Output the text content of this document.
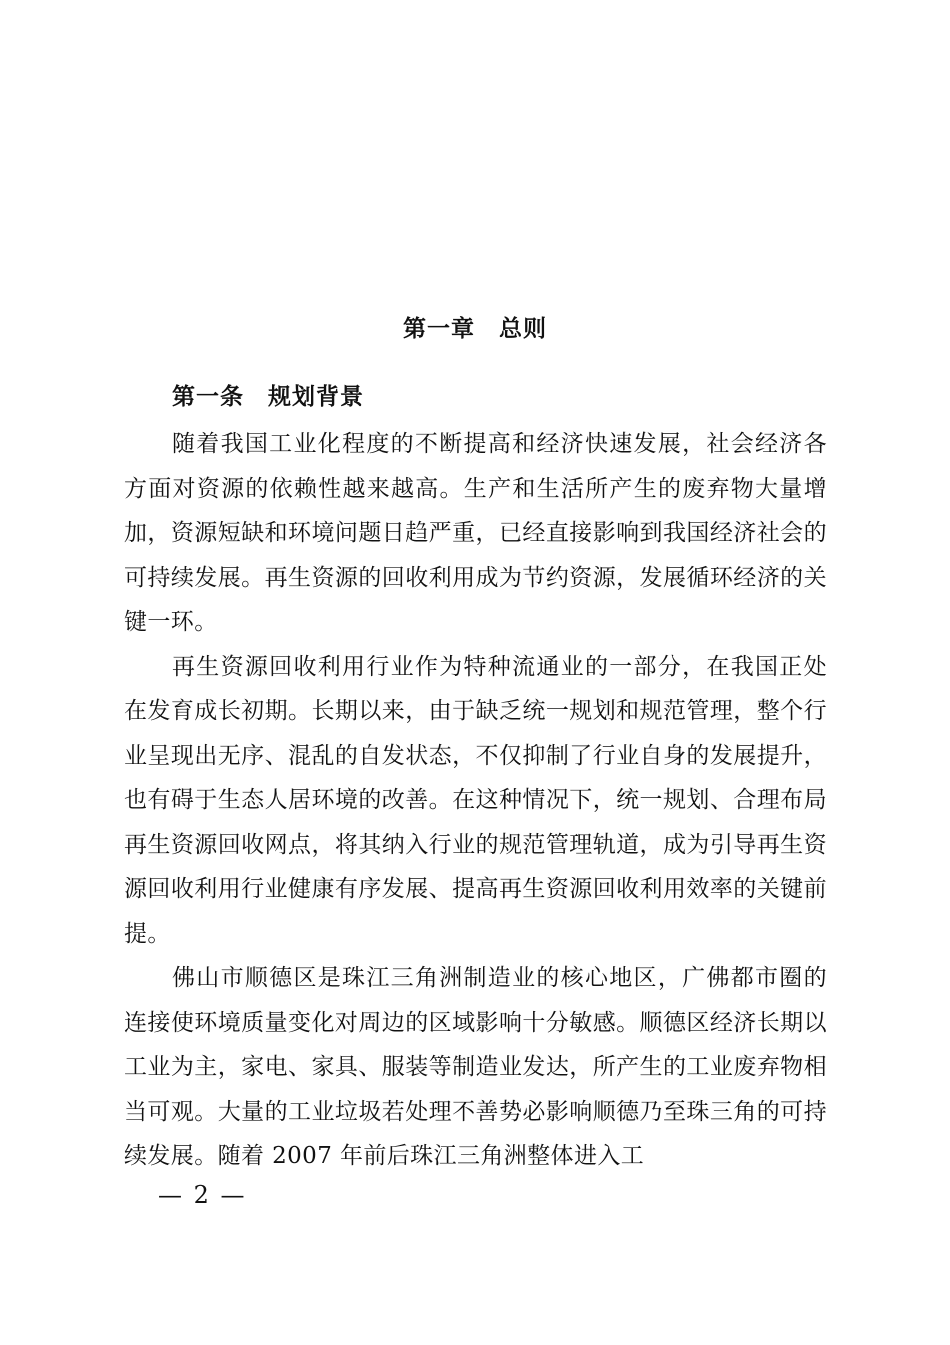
第一章　总则
第一条　规划背景

随着我国工业化程度的不断提高和经济快速发展，社会经济各方面对资源的依赖性越来越高。生产和生活所产生的废弃物大量增加，资源短缺和环境问题日趋严重，已经直接影响到我国经济社会的可持续发展。再生资源的回收利用成为节约资源，发展循环经济的关键一环。

再生资源回收利用行业作为特种流通业的一部分，在我国正处在发育成长初期。长期以来，由于缺乏统一规划和规范管理，整个行业呈现出无序、混乱的自发状态，不仅抑制了行业自身的发展提升，也有碍于生态人居环境的改善。在这种情况下，统一规划、合理布局再生资源回收网点，将其纳入行业的规范管理轨道，成为引导再生资源回收利用行业健康有序发展、提高再生资源回收利用效率的关键前提。

佛山市顺德区是珠江三角洲制造业的核心地区，广佛都市圈的连接使环境质量变化对周边的区域影响十分敏感。顺德区经济长期以工业为主，家电、家具、服装等制造业发达，所产生的工业废弃物相当可观。大量的工业垃圾若处理不善势必影响顺德乃至珠三角的可持续发展。随着 2007 年前后珠江三角洲整体进入工

— 2 —
